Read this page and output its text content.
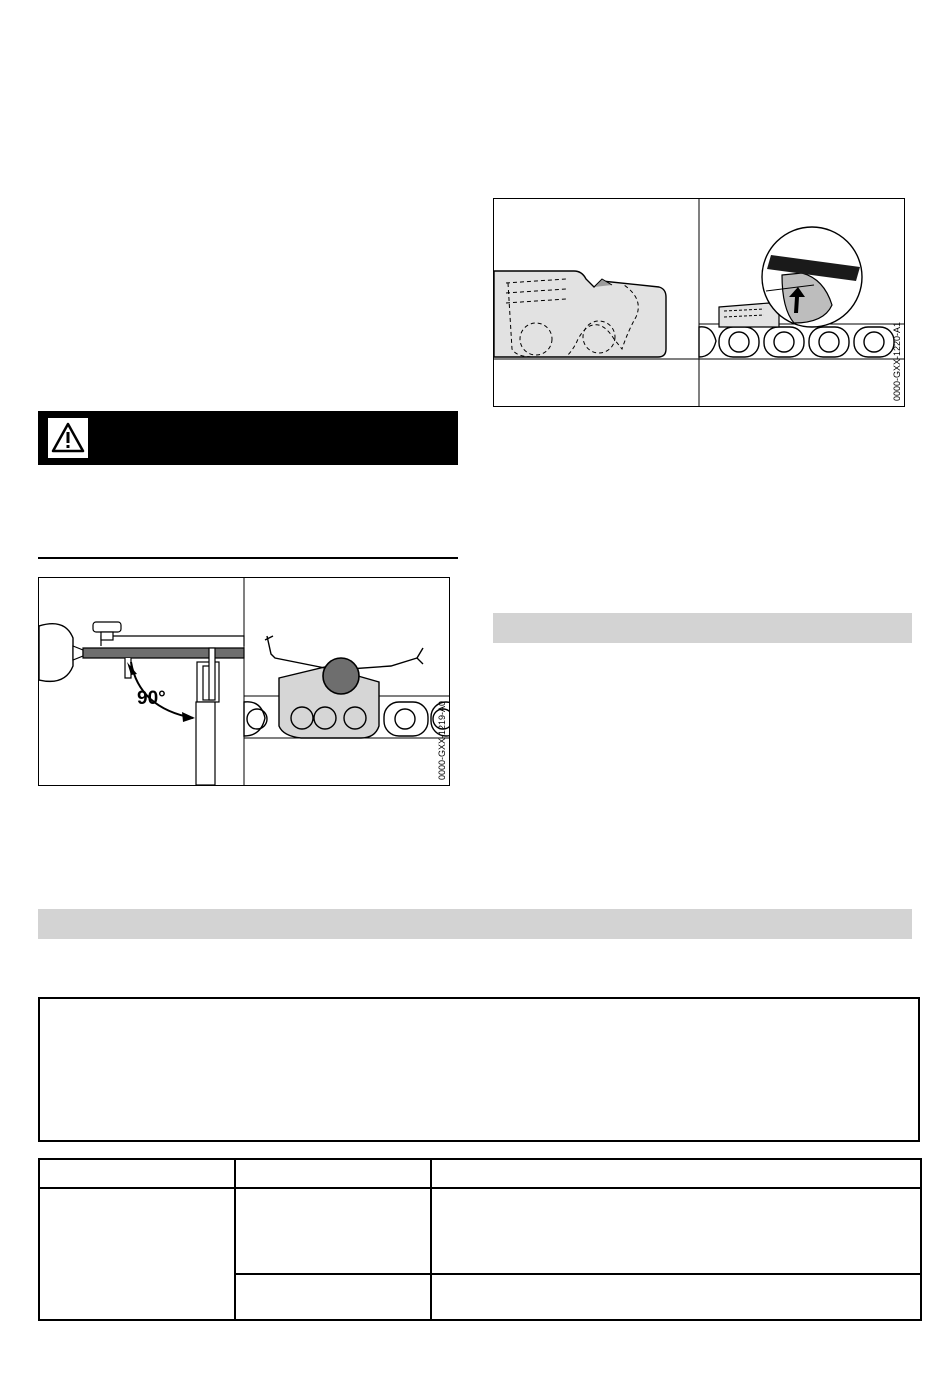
0000-GXX-1220-A1
90°
0000-GXX-1219-A0
